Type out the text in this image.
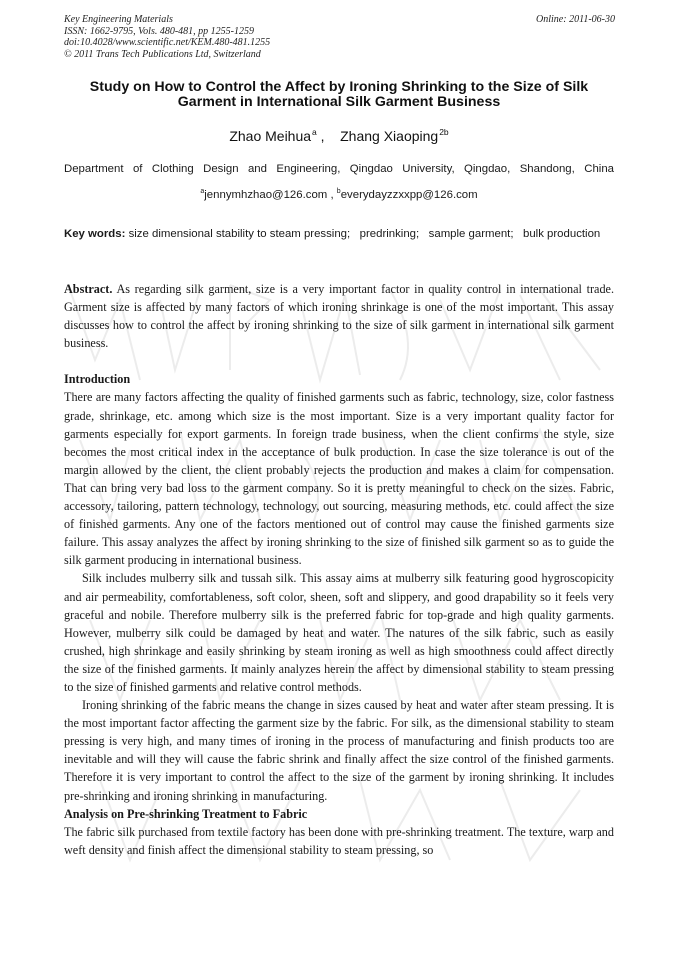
Key Engineering Materials
ISSN: 1662-9795, Vols. 480-481, pp 1255-1259
doi:10.4028/www.scientific.net/KEM.480-481.1255
© 2011 Trans Tech Publications Ltd, Switzerland
Online: 2011-06-30
Study on How to Control the Affect by Ironing Shrinking to the Size of Silk Garment in International Silk Garment Business
Zhao Meihua$^a$ , Zhang Xiaoping$^{2b}$
Department of Clothing Design and Engineering, Qingdao University, Qingdao, Shandong, China
$^a$jennymhzhao@126.com , $^b$everydayzzxxpp@126.com
Key words: size dimensional stability to steam pressing;   predrinking;   sample garment;   bulk production

Abstract. As regarding silk garment, size is a very important factor in quality control in international trade. Garment size is affected by many factors of which ironing shrinkage is one of the most important. This assay discusses how to control the affect by ironing shrinking to the size of silk garment in international silk garment business.

Introduction

There are many factors affecting the quality of finished garments such as fabric, technology, size, color fastness grade, shrinkage, etc. among which size is the most important. Size is a very important quality factor for garments especially for export garments. In foreign trade business, when the client confirms the style, size becomes the most critical index in the acceptance of bulk production. In case the size tolerance is out of the margin allowed by the client, the client probably rejects the production and makes a claim for compensation. That can bring very bad loss to the garment company. So it is pretty meaningful to check on the sizes. Fabric, accessory, tailoring, pattern technology, technology, out sourcing, measuring methods, etc. could affect the size of finished garments. Any one of the factors mentioned out of control may cause the finished garments size failure. This assay analyzes the affect by ironing shrinking to the size of finished silk garment so as to guide the silk garment producing in international business.

Silk includes mulberry silk and tussah silk. This assay aims at mulberry silk featuring good hygroscopicity and air permeability, comfortableness, soft color, sheen, soft and slippery, and good drapability so it feels very graceful and nobile. Therefore mulberry silk is the preferred fabric for top-grade and high quality garments. However, mulberry silk could be damaged by heat and water. The natures of the silk fabric, such as easily crushed, high shrinkage and easily shrinking by steam ironing as well as high smoothness could affect directly the size of the finished garments. It mainly analyzes herein the affect by dimensional stability to steam pressing to the size of finished garments and relative control methods.

Ironing shrinking of the fabric means the change in sizes caused by heat and water after steam pressing. It is the most important factor affecting the garment size by the fabric. For silk, as the dimensional stability to steam pressing is very high, and many times of ironing in the process of manufacturing and finish products too are inevitable and will they will cause the fabric shrink and finally affect the size control of the finished garments. Therefore it is very important to control the affect to the size of the garment by ironing shrinking. It includes pre-shrinking and ironing shrinking in manufacturing.

Analysis on Pre-shrinking Treatment to Fabric

The fabric silk purchased from textile factory has been done with pre-shrinking treatment. The texture, warp and weft density and finish affect the dimensional stability to steam pressing, so
